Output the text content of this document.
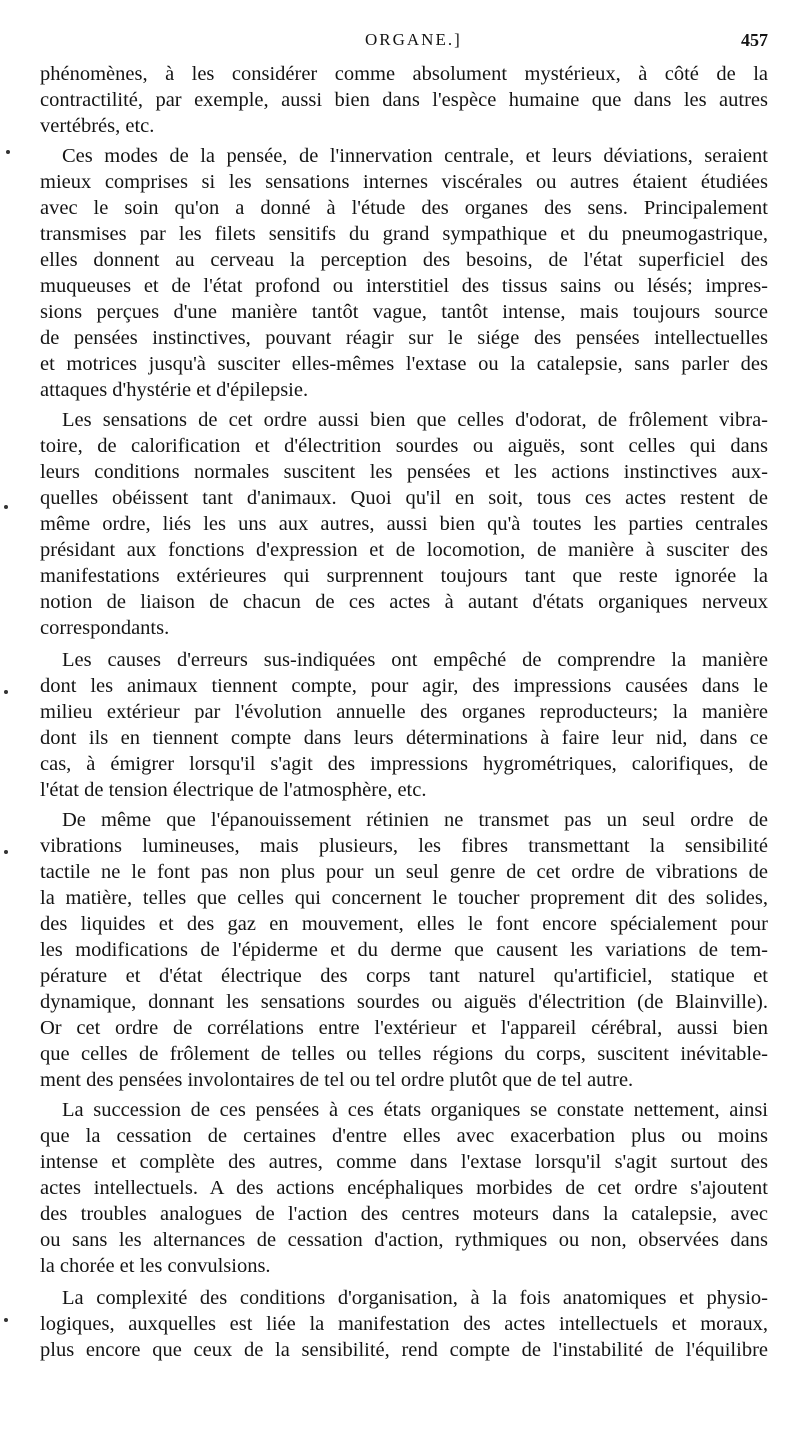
ORGANE.]	457
phénomènes, à les considérer comme absolument mystérieux, à côté de la
contractilité, par exemple, aussi bien dans l'espèce humaine que dans les autres
vertébrés, etc.
Ces modes de la pensée, de l'innervation centrale, et leurs déviations, seraient
mieux comprises si les sensations internes viscérales ou autres étaient étudiées
avec le soin qu'on a donné à l'étude des organes des sens. Principalement
transmises par les filets sensitifs du grand sympathique et du pneumogastrique,
elles donnent au cerveau la perception des besoins, de l'état superficiel des
muqueuses et de l'état profond ou interstitiel des tissus sains ou lésés; impres-
sions perçues d'une manière tantôt vague, tantôt intense, mais toujours source
de pensées instinctives, pouvant réagir sur le siége des pensées intellectuelles
et motrices jusqu'à susciter elles-mêmes l'extase ou la catalepsie, sans parler des
attaques d'hystérie et d'épilepsie.
Les sensations de cet ordre aussi bien que celles d'odorat, de frôlement vibra-
toire, de calorification et d'électrition sourdes ou aiguës, sont celles qui dans
leurs conditions normales suscitent les pensées et les actions instinctives aux-
quelles obéissent tant d'animaux. Quoi qu'il en soit, tous ces actes restent de
même ordre, liés les uns aux autres, aussi bien qu'à toutes les parties centrales
présidant aux fonctions d'expression et de locomotion, de manière à susciter des
manifestations extérieures qui surprennent toujours tant que reste ignorée la
notion de liaison de chacun de ces actes à autant d'états organiques nerveux
correspondants.
Les causes d'erreurs sus-indiquées ont empêché de comprendre la manière
dont les animaux tiennent compte, pour agir, des impressions causées dans le
milieu extérieur par l'évolution annuelle des organes reproducteurs; la manière
dont ils en tiennent compte dans leurs déterminations à faire leur nid, dans ce
cas, à émigrer lorsqu'il s'agit des impressions hygrométriques, calorifiques, de
l'état de tension électrique de l'atmosphère, etc.
De même que l'épanouissement rétinien ne transmet pas un seul ordre de
vibrations lumineuses, mais plusieurs, les fibres transmettant la sensibilité
tactile ne le font pas non plus pour un seul genre de cet ordre de vibrations de
la matière, telles que celles qui concernent le toucher proprement dit des solides,
des liquides et des gaz en mouvement, elles le font encore spécialement pour
les modifications de l'épiderme et du derme que causent les variations de tem-
pérature et d'état électrique des corps tant naturel qu'artificiel, statique et
dynamique, donnant les sensations sourdes ou aiguës d'électrition (de Blainville).
Or cet ordre de corrélations entre l'extérieur et l'appareil cérébral, aussi bien
que celles de frôlement de telles ou telles régions du corps, suscitent inévitable-
ment des pensées involontaires de tel ou tel ordre plutôt que de tel autre.
La succession de ces pensées à ces états organiques se constate nettement, ainsi
que la cessation de certaines d'entre elles avec exacerbation plus ou moins
intense et complète des autres, comme dans l'extase lorsqu'il s'agit surtout des
actes intellectuels. A des actions encéphaliques morbides de cet ordre s'ajoutent
des troubles analogues de l'action des centres moteurs dans la catalepsie, avec
ou sans les alternances de cessation d'action, rythmiques ou non, observées dans
la chorée et les convulsions.
La complexité des conditions d'organisation, à la fois anatomiques et physio-
logiques, auxquelles est liée la manifestation des actes intellectuels et moraux,
plus encore que ceux de la sensibilité, rend compte de l'instabilité de l'équilibre
